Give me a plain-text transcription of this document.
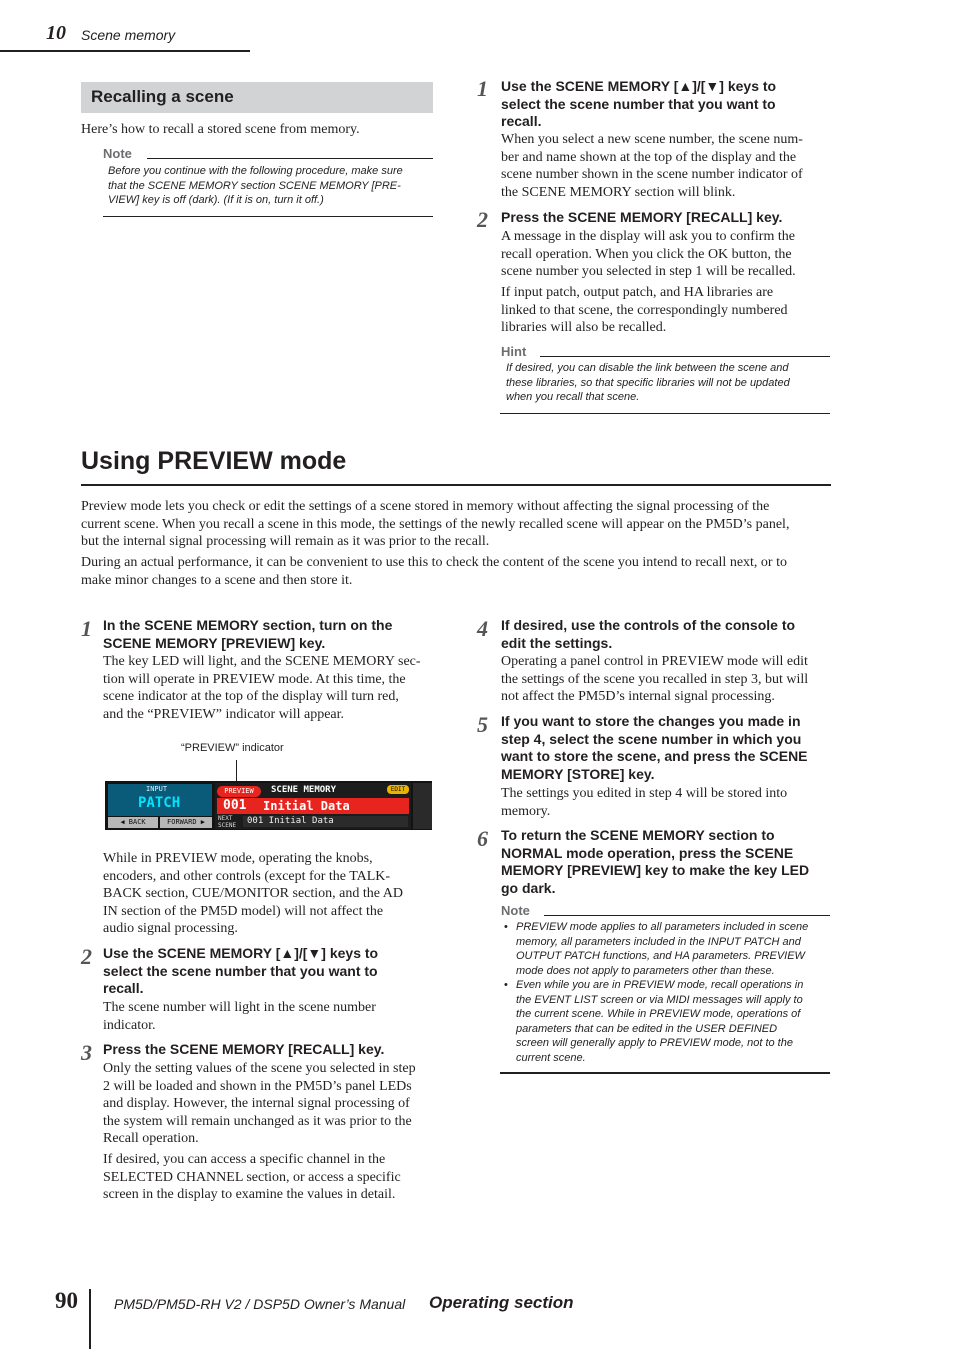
10 Scene memory
Recalling a scene

Here’s how to recall a stored scene from memory.

Note
Before you continue with the following procedure, make sure
that the SCENE MEMORY section SCENE MEMORY [PRE-
VIEW] key is off (dark). (If it is on, turn it off.)
1 Use the SCENE MEMORY [▲]/[▼] keys to
select the scene number that you want to
recall.
When you select a new scene number, the scene num-
ber and name shown at the top of the display and the
scene number shown in the scene number indicator of
the SCENE MEMORY section will blink.
2 Press the SCENE MEMORY [RECALL] key.
A message in the display will ask you to confirm the
recall operation. When you click the OK button, the
scene number you selected in step 1 will be recalled.
If input patch, output patch, and HA libraries are
linked to that scene, the correspondingly numbered
libraries will also be recalled.
Hint
If desired, you can disable the link between the scene and
these libraries, so that specific libraries will not be updated
when you recall that scene.
Using PREVIEW mode
Preview mode lets you check or edit the settings of a scene stored in memory without affecting the signal processing of the
current scene. When you recall a scene in this mode, the settings of the newly recalled scene will appear on the PM5D’s panel,
but the internal signal processing will remain as it was prior to the recall.
During an actual performance, it can be convenient to use this to check the content of the scene you intend to recall next, or to
make minor changes to a scene and then store it.
1 In the SCENE MEMORY section, turn on the
SCENE MEMORY [PREVIEW] key.
The key LED will light, and the SCENE MEMORY sec-
tion will operate in PREVIEW mode. At this time, the
scene indicator at the top of the display will turn red,
and the “PREVIEW” indicator will appear.
“PREVIEW” indicator
INPUT
PATCH
◀ BACK	FORWARD ▶
PREVIEW	SCENE MEMORY	EDIT
001 Initial Data
NEXT
SCENE	001 Initial Data
While in PREVIEW mode, operating the knobs,
encoders, and other controls (except for the TALK-
BACK section, CUE/MONITOR section, and the AD
IN section of the PM5D model) will not affect the
audio signal processing.
2 Use the SCENE MEMORY [▲]/[▼] keys to
select the scene number that you want to
recall.
The scene number will light in the scene number
indicator.
3 Press the SCENE MEMORY [RECALL] key.
Only the setting values of the scene you selected in step
2 will be loaded and shown in the PM5D’s panel LEDs
and display. However, the internal signal processing of
the system will remain unchanged as it was prior to the
Recall operation.
If desired, you can access a specific channel in the
SELECTED CHANNEL section, or access a specific
screen in the display to examine the values in detail.
4 If desired, use the controls of the console to
edit the settings.
Operating a panel control in PREVIEW mode will edit
the settings of the scene you recalled in step 3, but will
not affect the PM5D’s internal signal processing.
5 If you want to store the changes you made in
step 4, select the scene number in which you
want to store the scene, and press the SCENE
MEMORY [STORE] key.
The settings you edited in step 4 will be stored into
memory.
6 To return the SCENE MEMORY section to
NORMAL mode operation, press the SCENE
MEMORY [PREVIEW] key to make the key LED
go dark.
Note
• PREVIEW mode applies to all parameters included in scene
memory, all parameters included in the INPUT PATCH and
OUTPUT PATCH functions, and HA parameters. PREVIEW
mode does not apply to parameters other than these.
• Even while you are in PREVIEW mode, recall operations in
the EVENT LIST screen or via MIDI messages will apply to
the current scene. While in PREVIEW mode, operations of
parameters that can be edited in the USER DEFINED
screen will generally apply to PREVIEW mode, not to the
current scene.
90	PM5D/PM5D-RH V2 / DSP5D Owner’s Manual Operating section
